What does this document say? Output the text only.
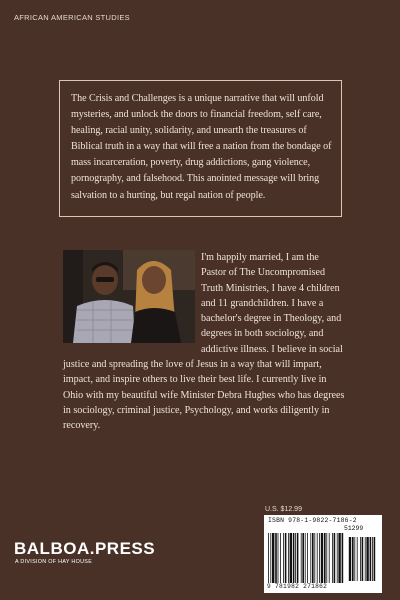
AFRICAN AMERICAN STUDIES

The Crisis and Challenges is a unique narrative that will unfold mysteries, and unlock the doors to financial freedom, self care, healing, racial unity, solidarity, and unearth the treasures of Biblical truth in a way that will free a nation from the bondage of mass incarceration, poverty, drug addictions, gang violence, pornography, and falsehood. This anointed message will bring salvation to a hurting, but regal nation of people.

I'm happily married, I am the Pastor of The Uncompromised Truth Ministries, I have 4 children and 11 grandchildren. I have a bachelor's degree in Theology, and degrees in both sociology, and addictive illness. I believe in social justice and spreading the love of Jesus in a way that will impart, impact, and inspire others to live their best life. I currently live in Ohio with my beautiful wife Minister Debra Hughes who has degrees in sociology, criminal justice, Psychology, and works diligently in recovery.

U.S. $12.99
ISBN 978-1-9822-7186-2
51299
9 781982 271862
BALBOA.PRESS
A DIVISION OF HAY HOUSE
